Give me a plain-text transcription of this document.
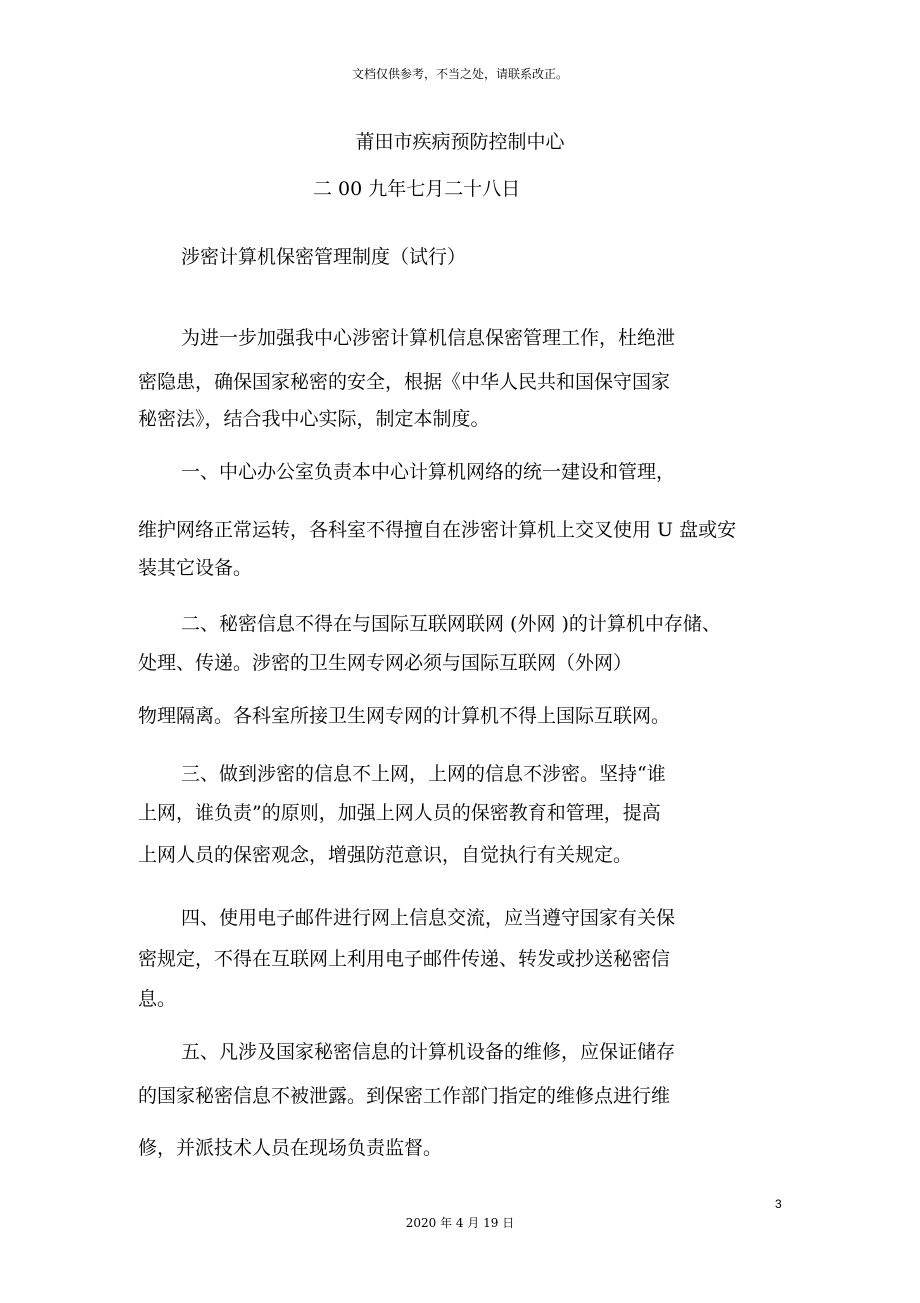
文档仅供参考，不当之处，请联系改正。
莆田市疾病预防控制中心
二 00 九年七月二十八日
涉密计算机保密管理制度（试行）
为进一步加强我中心涉密计算机信息保密管理工作，杜绝泄
密隐患，确保国家秘密的安全，根据《中华人民共和国保守国家
秘密法》，结合我中心实际，制定本制度。
一、中心办公室负责本中心计算机网络的统一建设和管理，
维护网络正常运转，各科室不得擅自在涉密计算机上交叉使用 U 盘或安
装其它设备。
二、秘密信息不得在与国际互联网联网 (外网 )的计算机中存储、
处理、传递。涉密的卫生网专网必须与国际互联网（外网）
物理隔离。各科室所接卫生网专网的计算机不得上国际互联网。
三、做到涉密的信息不上网，上网的信息不涉密。坚持“谁
上网，谁负责”的原则，加强上网人员的保密教育和管理，提高
上网人员的保密观念，增强防范意识，自觉执行有关规定。
四、使用电子邮件进行网上信息交流，应当遵守国家有关保
密规定，不得在互联网上利用电子邮件传递、转发或抄送秘密信
息。
五、凡涉及国家秘密信息的计算机设备的维修，应保证储存
的国家秘密信息不被泄露。到保密工作部门指定的维修点进行维
修，并派技术人员在现场负责监督。
3
2020 年 4 月 19 日
